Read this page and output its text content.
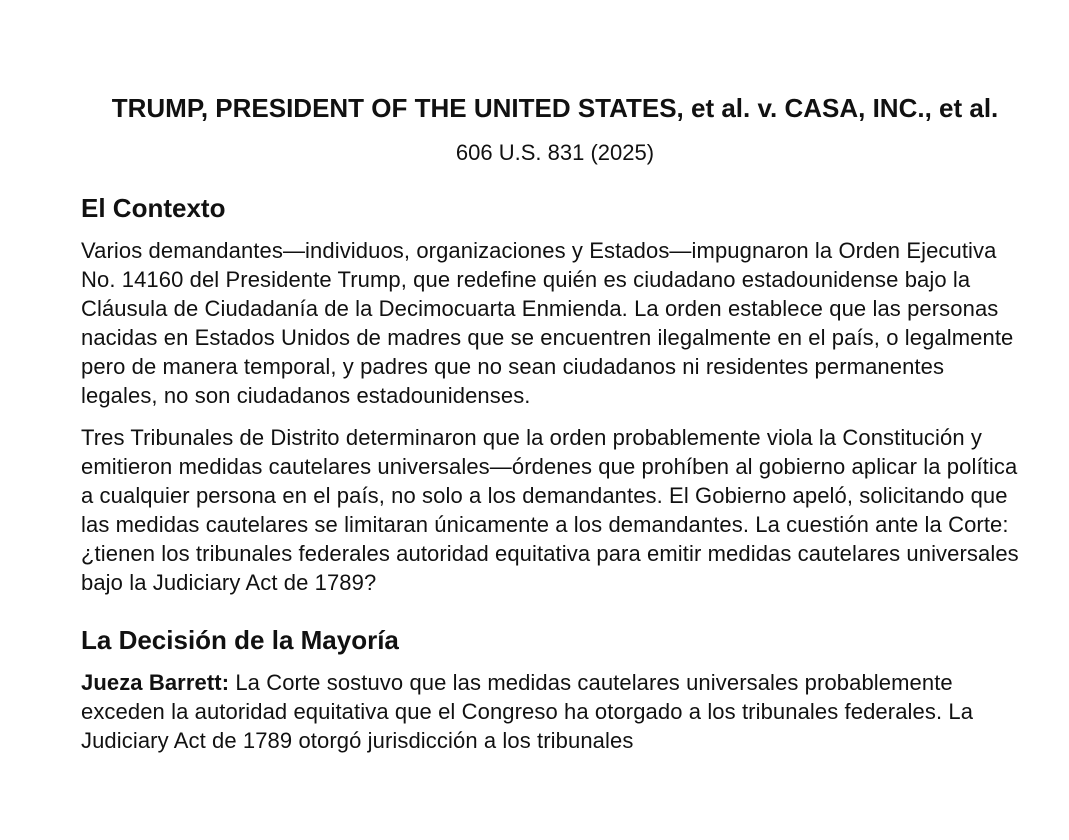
TRUMP, PRESIDENT OF THE UNITED STATES, et al. v. CASA, INC., et al.
606 U.S. 831 (2025)
El Contexto

Varios demandantes—individuos, organizaciones y Estados—impugnaron la Orden Ejecutiva No. 14160 del Presidente Trump, que redefine quién es ciudadano estadounidense bajo la Cláusula de Ciudadanía de la Decimocuarta Enmienda. La orden establece que las personas nacidas en Estados Unidos de madres que se encuentren ilegalmente en el país, o legalmente pero de manera temporal, y padres que no sean ciudadanos ni residentes permanentes legales, no son ciudadanos estadounidenses.

Tres Tribunales de Distrito determinaron que la orden probablemente viola la Constitución y emitieron medidas cautelares universales—órdenes que prohíben al gobierno aplicar la política a cualquier persona en el país, no solo a los demandantes. El Gobierno apeló, solicitando que las medidas cautelares se limitaran únicamente a los demandantes. La cuestión ante la Corte: ¿tienen los tribunales federales autoridad equitativa para emitir medidas cautelares universales bajo la Judiciary Act de 1789?

La Decisión de la Mayoría

Jueza Barrett: La Corte sostuvo que las medidas cautelares universales probablemente exceden la autoridad equitativa que el Congreso ha otorgado a los tribunales federales. La Judiciary Act de 1789 otorgó jurisdicción a los tribunales
